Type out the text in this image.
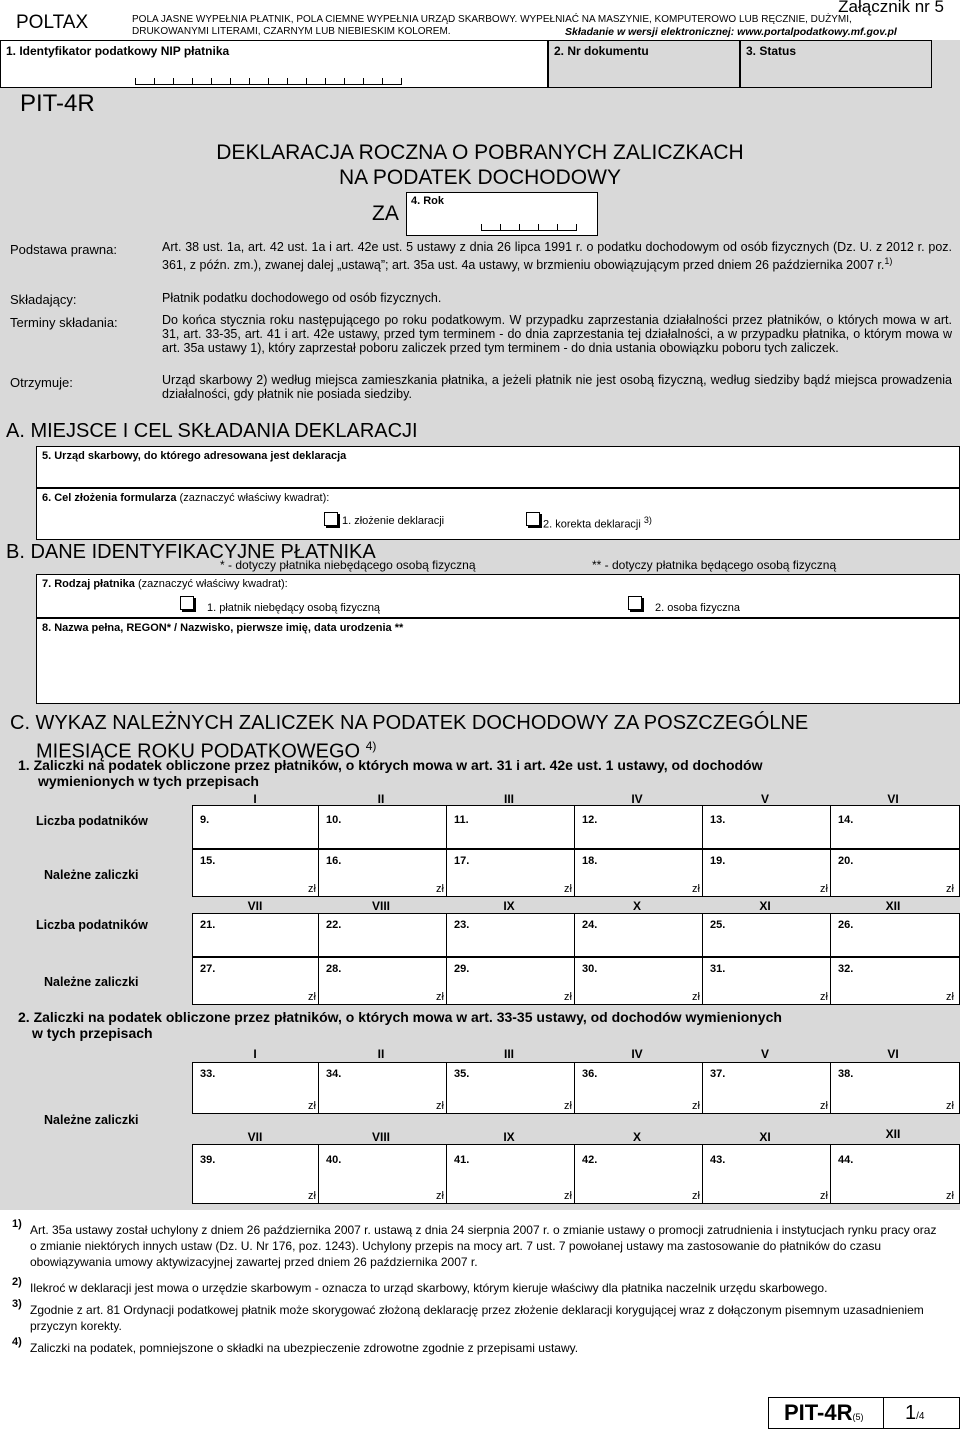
POLTAX	POLA JASNE WYPEŁNIA PŁATNIK, POLA CIEMNE WYPEŁNIA URZĄD SKARBOWY. WYPEŁNIAĆ NA MASZYNIE, KOMPUTEROWO LUB RĘCZNIE, DUŻYMI,
DRUKOWANYMI LITERAMI, CZARNYM LUB NIEBIESKIM KOLOREM.
Załącznik nr 5
Składanie w wersji elektronicznej: www.portalpodatkowy.mf.gov.pl
1. Identyfikator podatkowy NIP płatnika	2. Nr dokumentu	3. Status
PIT-4R
DEKLARACJA ROCZNA O POBRANYCH ZALICZKACH
NA PODATEK DOCHODOWY
ZA
4. Rok
Podstawa prawna:	Art. 38 ust. 1a, art. 42 ust. 1a i art. 42e ust. 5 ustawy z dnia 26 lipca 1991 r. o podatku dochodowym od osób fizycznych (Dz. U. z 2012 r. poz. 361, z późn. zm.), zwanej dalej „ustawą”; art. 35a ust. 4a ustawy, w brzmieniu obowiązującym przed dniem 26 października 2007 r.$^{1)}$
Składający:	Płatnik podatku dochodowego od osób fizycznych.
Terminy składania:	Do końca stycznia roku następującego po roku podatkowym. W przypadku zaprzestania działalności przez płatników, o których mowa w art. 31, art. 33-35, art. 41 i art. 42e ustawy, przed tym terminem - do dnia zaprzestania tej działalności, a w przypadku płatnika, o którym mowa w art. 35a ustawy 1), który zaprzestał poboru zaliczek przed tym terminem - do dnia ustania obowiązku poboru tych zaliczek.
Otrzymuje:	Urząd skarbowy 2) według miejsca zamieszkania płatnika, a jeżeli płatnik nie jest osobą fizyczną, według siedziby bądź miejsca prowadzenia działalności, gdy płatnik nie posiada siedziby.
A. MIEJSCE I CEL SKŁADANIA DEKLARACJI
5. Urząd skarbowy, do którego adresowana jest deklaracja
6. Cel złożenia formularza (zaznaczyć właściwy kwadrat):
1. złożenie deklaracji	2. korekta deklaracji $^{3)}$
B. DANE IDENTYFIKACYJNE PŁATNIKA
* - dotyczy płatnika niebędącego osobą fizyczną	** - dotyczy płatnika będącego osobą fizyczną
7. Rodzaj płatnika (zaznaczyć właściwy kwadrat):
1. płatnik niebędący osobą fizyczną	2. osoba fizyczna
8. Nazwa pełna, REGON* / Nazwisko, pierwsze imię, data urodzenia **
C. WYKAZ NALEŻNYCH ZALICZEK NA PODATEK DOCHODOWY ZA POSZCZEGÓLNE
MIESIĄCE ROKU PODATKOWEGO $^{4)}$
1. Zaliczki na podatek obliczone przez płatników, o których mowa w art. 31 i art. 42e ust. 1 ustawy, od dochodów
wymienionych w tych przepisach
Liczba podatników
Należne zaliczki
Liczba podatników
Należne zaliczki
I	II	III	IV	V	VI
VII	VIII	IX	X	XI	XII
9.	10.	11.	12.	13.	14.
15.	16.	17.	18.	19.	20.
zł	zł	zł	zł	zł	zł
21.	22.	23.	24.	25.	26.
27.	28.	29.	30.	31.	32.
zł	zł	zł	zł	zł	zł
2. Zaliczki na podatek obliczone przez płatników, o których mowa w art. 33-35 ustawy, od dochodów wymienionych
w tych przepisach
Należne zaliczki
I	II	III	IV	V	VI
VII	VIII	IX	X	XI	XII
33.	34.	35.	36.	37.	38.
zł	zł	zł	zł	zł	zł
39.	40.	41.	42.	43.	44.
zł	zł	zł	zł	zł	zł
1) Art. 35a ustawy został uchylony z dniem 26 października 2007 r. ustawą z dnia 24 sierpnia 2007 r. o zmianie ustawy o promocji zatrudnienia i instytucjach rynku pracy oraz o zmianie niektórych innych ustaw (Dz. U. Nr 176, poz. 1243). Uchylony przepis na mocy art. 7 ust. 7 powołanej ustawy ma zastosowanie do płatników do czasu obowiązywania umowy aktywizacyjnej zawartej przed dniem 26 października 2007 r.
2) Ilekroć w deklaracji jest mowa o urzędzie skarbowym - oznacza to urząd skarbowy, którym kieruje właściwy dla płatnika naczelnik urzędu skarbowego.
3) Zgodnie z art. 81 Ordynacji podatkowej płatnik może skorygować złożoną deklarację przez złożenie deklaracji korygującej wraz z dołączonym pisemnym uzasadnieniem przyczyn korekty.
4) Zaliczki na podatek, pomniejszone o składki na ubezpieczenie zdrowotne zgodnie z przepisami ustawy.
PIT-4R(5) 1/4
